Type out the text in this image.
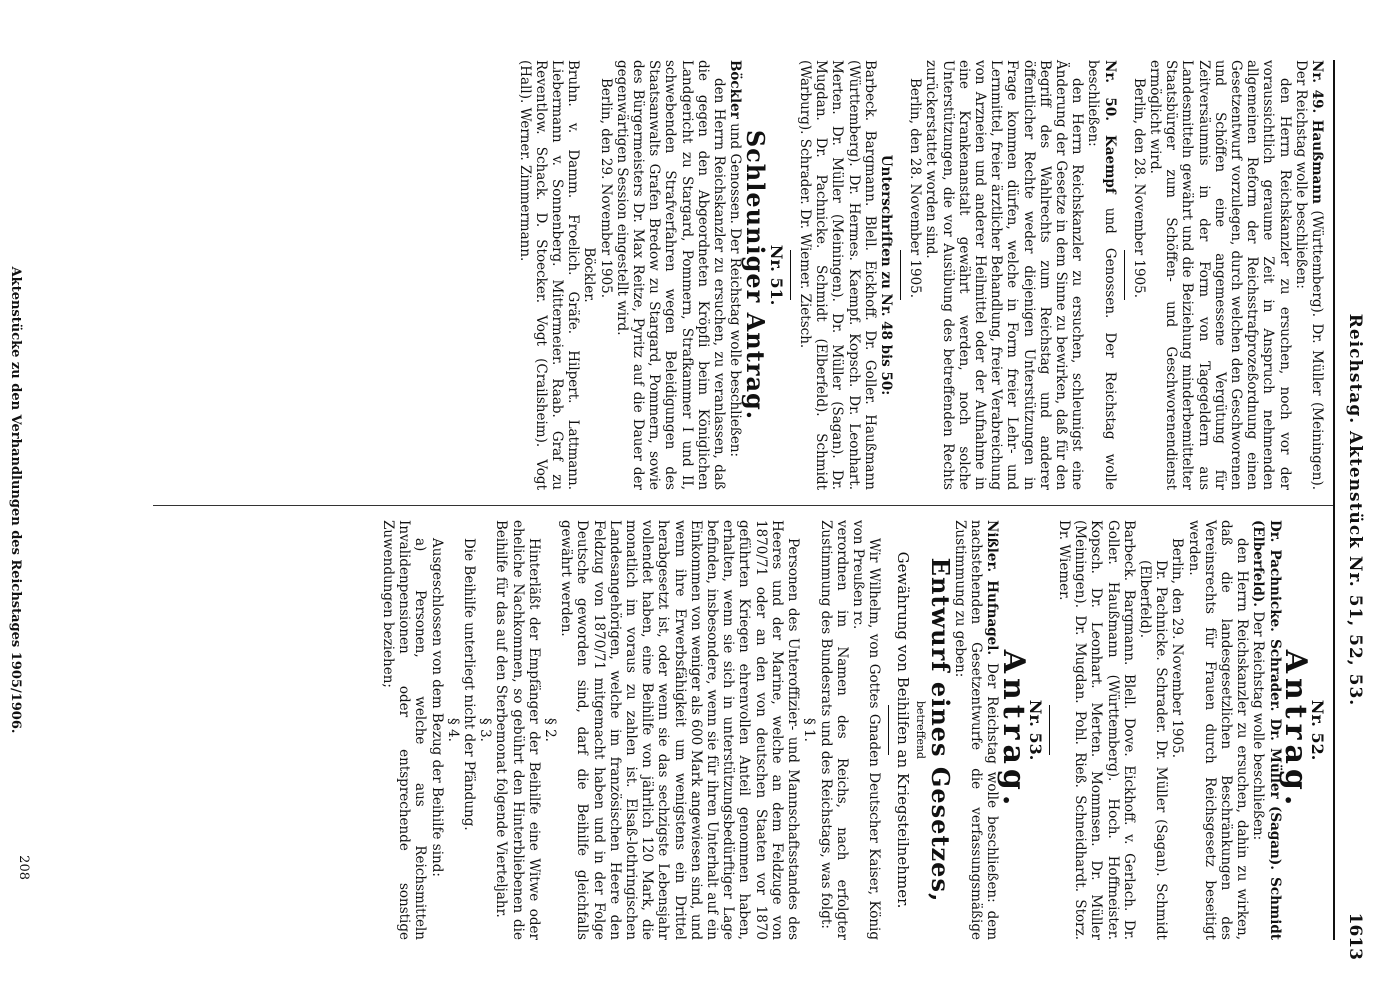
Reichstag. Aktenstück Nr. 51, 52, 53.
1613

Nr. 49. Haußmann (Württemberg). Dr. Müller (Meiningen). Der Reichstag wolle beschließen:

den Herrn Reichskanzler zu ersuchen, noch vor der voraussichtlich geraume Zeit in Anspruch nehmenden allgemeinen Reform der Reichsstrafprozeßordnung einen Gesetzentwurf vorzulegen, durch welchen den Geschworenen und Schöffen eine angemessene Vergütung für Zeitversäumnis in der Form von Tagegeldern aus Landesmitteln gewährt und die Beiziehung minderbemittelter Staatsbürger zum Schöffen- und Geschworenendienst ermöglicht wird.

Berlin, den 28. November 1905.

Nr. 50. Kaempf und Genossen. Der Reichstag wolle beschließen:

den Herrn Reichskanzler zu ersuchen, schleunigst eine Änderung der Gesetze in dem Sinne zu bewirken, daß für den Begriff des Wahlrechts zum Reichstag und anderer öffentlicher Rechte weder diejenigen Unterstützungen in Frage kommen dürfen, welche in Form freier Lehr- und Lernmittel, freier ärztlicher Behandlung, freier Verabreichung von Arzneien und anderer Heilmittel oder der Aufnahme in eine Krankenanstalt gewährt werden, noch solche Unterstützungen, die vor Ausübung des betreffenden Rechts zurückerstattet worden sind.

Berlin, den 28. November 1905.

Unterschriften zu Nr. 48 bis 50:

Barbeck. Bargmann. Blell. Eickhoff. Dr. Goller. Haußmann (Württemberg). Dr. Hermes. Kaempf. Kopsch. Dr. Leonhart. Merten. Dr. Müller (Meiningen). Dr. Müller (Sagan). Dr. Mugdan. Dr. Pachnicke. Schmidt (Elberfeld). Schmidt (Warburg). Schrader. Dr. Wiemer. Zietsch.

Nr. 51.

Schleuniger Antrag.

Böckler und Genossen. Der Reichstag wolle beschließen:

den Herrn Reichskanzler zu ersuchen, zu veranlassen, daß die gegen den Abgeordneten Kröpfli beim Königlichen Landgericht zu Stargard, Pommern, Strafkammer I und II, schwebenden Strafverfahren wegen Beleidigungen des Staatsanwalts Grafen Bredow zu Stargard, Pommern, sowie des Bürgermeisters Dr. Max Reitze, Pyritz auf die Dauer der gegenwärtigen Session eingestellt wird.

Berlin, den 29. November 1905.

Böckler.

Bruhn. v. Damm. Froelich. Gräfe. Hilpert. Lattmann. Liebermann v. Sonnenberg. Mittermeier. Raab. Graf zu Reventlow. Schack. D. Stoecker. Vogt (Crailsheim). Vogt (Hall). Werner. Zimmermann.

Nr. 52.

Antrag.

Dr. Pachnicke. Schrader. Dr. Müller (Sagan). Schmidt (Elberfeld). Der Reichstag wolle beschließen:

den Herrn Reichskanzler zu ersuchen, dahin zu wirken, daß die landesgesetzlichen Beschränkungen des Vereinsrechts für Frauen durch Reichsgesetz beseitigt werden.

Berlin, den 29. November 1905.

Dr. Pachnicke. Schrader. Dr. Müller (Sagan). Schmidt (Elberfeld).

Barbeck. Bargmann. Blell. Dove. Eickhoff. v. Gerlach. Dr. Goller. Haußmann (Württemberg). Hoch. Hoffmeister. Kopsch. Dr. Leonhart. Merten. Mommsen. Dr. Müller (Meiningen). Dr. Mugdan. Pohl. Rieß. Schneidhardt. Storz. Dr. Wiemer.

Nr. 53.

Antrag.

Nißler. Hufnagel. Der Reichstag wolle beschließen: dem nachstehenden Gesetzentwurfe die verfassungsmäßige Zustimmung zu geben:

Entwurf eines Gesetzes,

betreffend

Gewährung von Beihilfen an Kriegsteilnehmer.

Wir Wilhelm, von Gottes Gnaden Deutscher Kaiser, König von Preußen rc.

verordnen im Namen des Reichs, nach erfolgter Zustimmung des Bundesrats und des Reichstags, was folgt:

§ 1.

Personen des Unteroffizier- und Mannschaftsstandes des Heeres und der Marine, welche an dem Feldzuge von 1870/71 oder an den von deutschen Staaten vor 1870 geführten Kriegen ehrenvollen Anteil genommen haben, erhalten, wenn sie sich in unterstützungsbedürftiger Lage befinden, insbesondere, wenn sie für ihren Unterhalt auf ein Einkommen von weniger als 600 Mark angewiesen sind, und wenn ihre Erwerbsfähigkeit um wenigstens ein Drittel herabgesetzt ist, oder wenn sie das sechzigste Lebensjahr vollendet haben, eine Beihilfe von jährlich 120 Mark, die monatlich im voraus zu zahlen ist. Elsaß-lothringischen Landesangehörigen, welche im französischen Heere den Feldzug von 1870/71 mitgemacht haben und in der Folge Deutsche geworden sind, darf die Beihilfe gleichfalls gewährt werden.

§ 2.

Hinterläßt der Empfänger der Beihilfe eine Witwe oder eheliche Nachkommen, so gebührt den Hinterbliebenen die Beihilfe für das auf den Sterbemonat folgende Vierteljahr.

§ 3.

Die Beihilfe unterliegt nicht der Pfändung.

§ 4.

Ausgeschlossen von dem Bezug der Beihilfe sind:

a) Personen, welche aus Reichsmitteln Invalidenpensionen oder entsprechende sonstige Zuwendungen beziehen;

Aktenstücke zu den Verhandlungen des Reichstages 1905/1906.
208
